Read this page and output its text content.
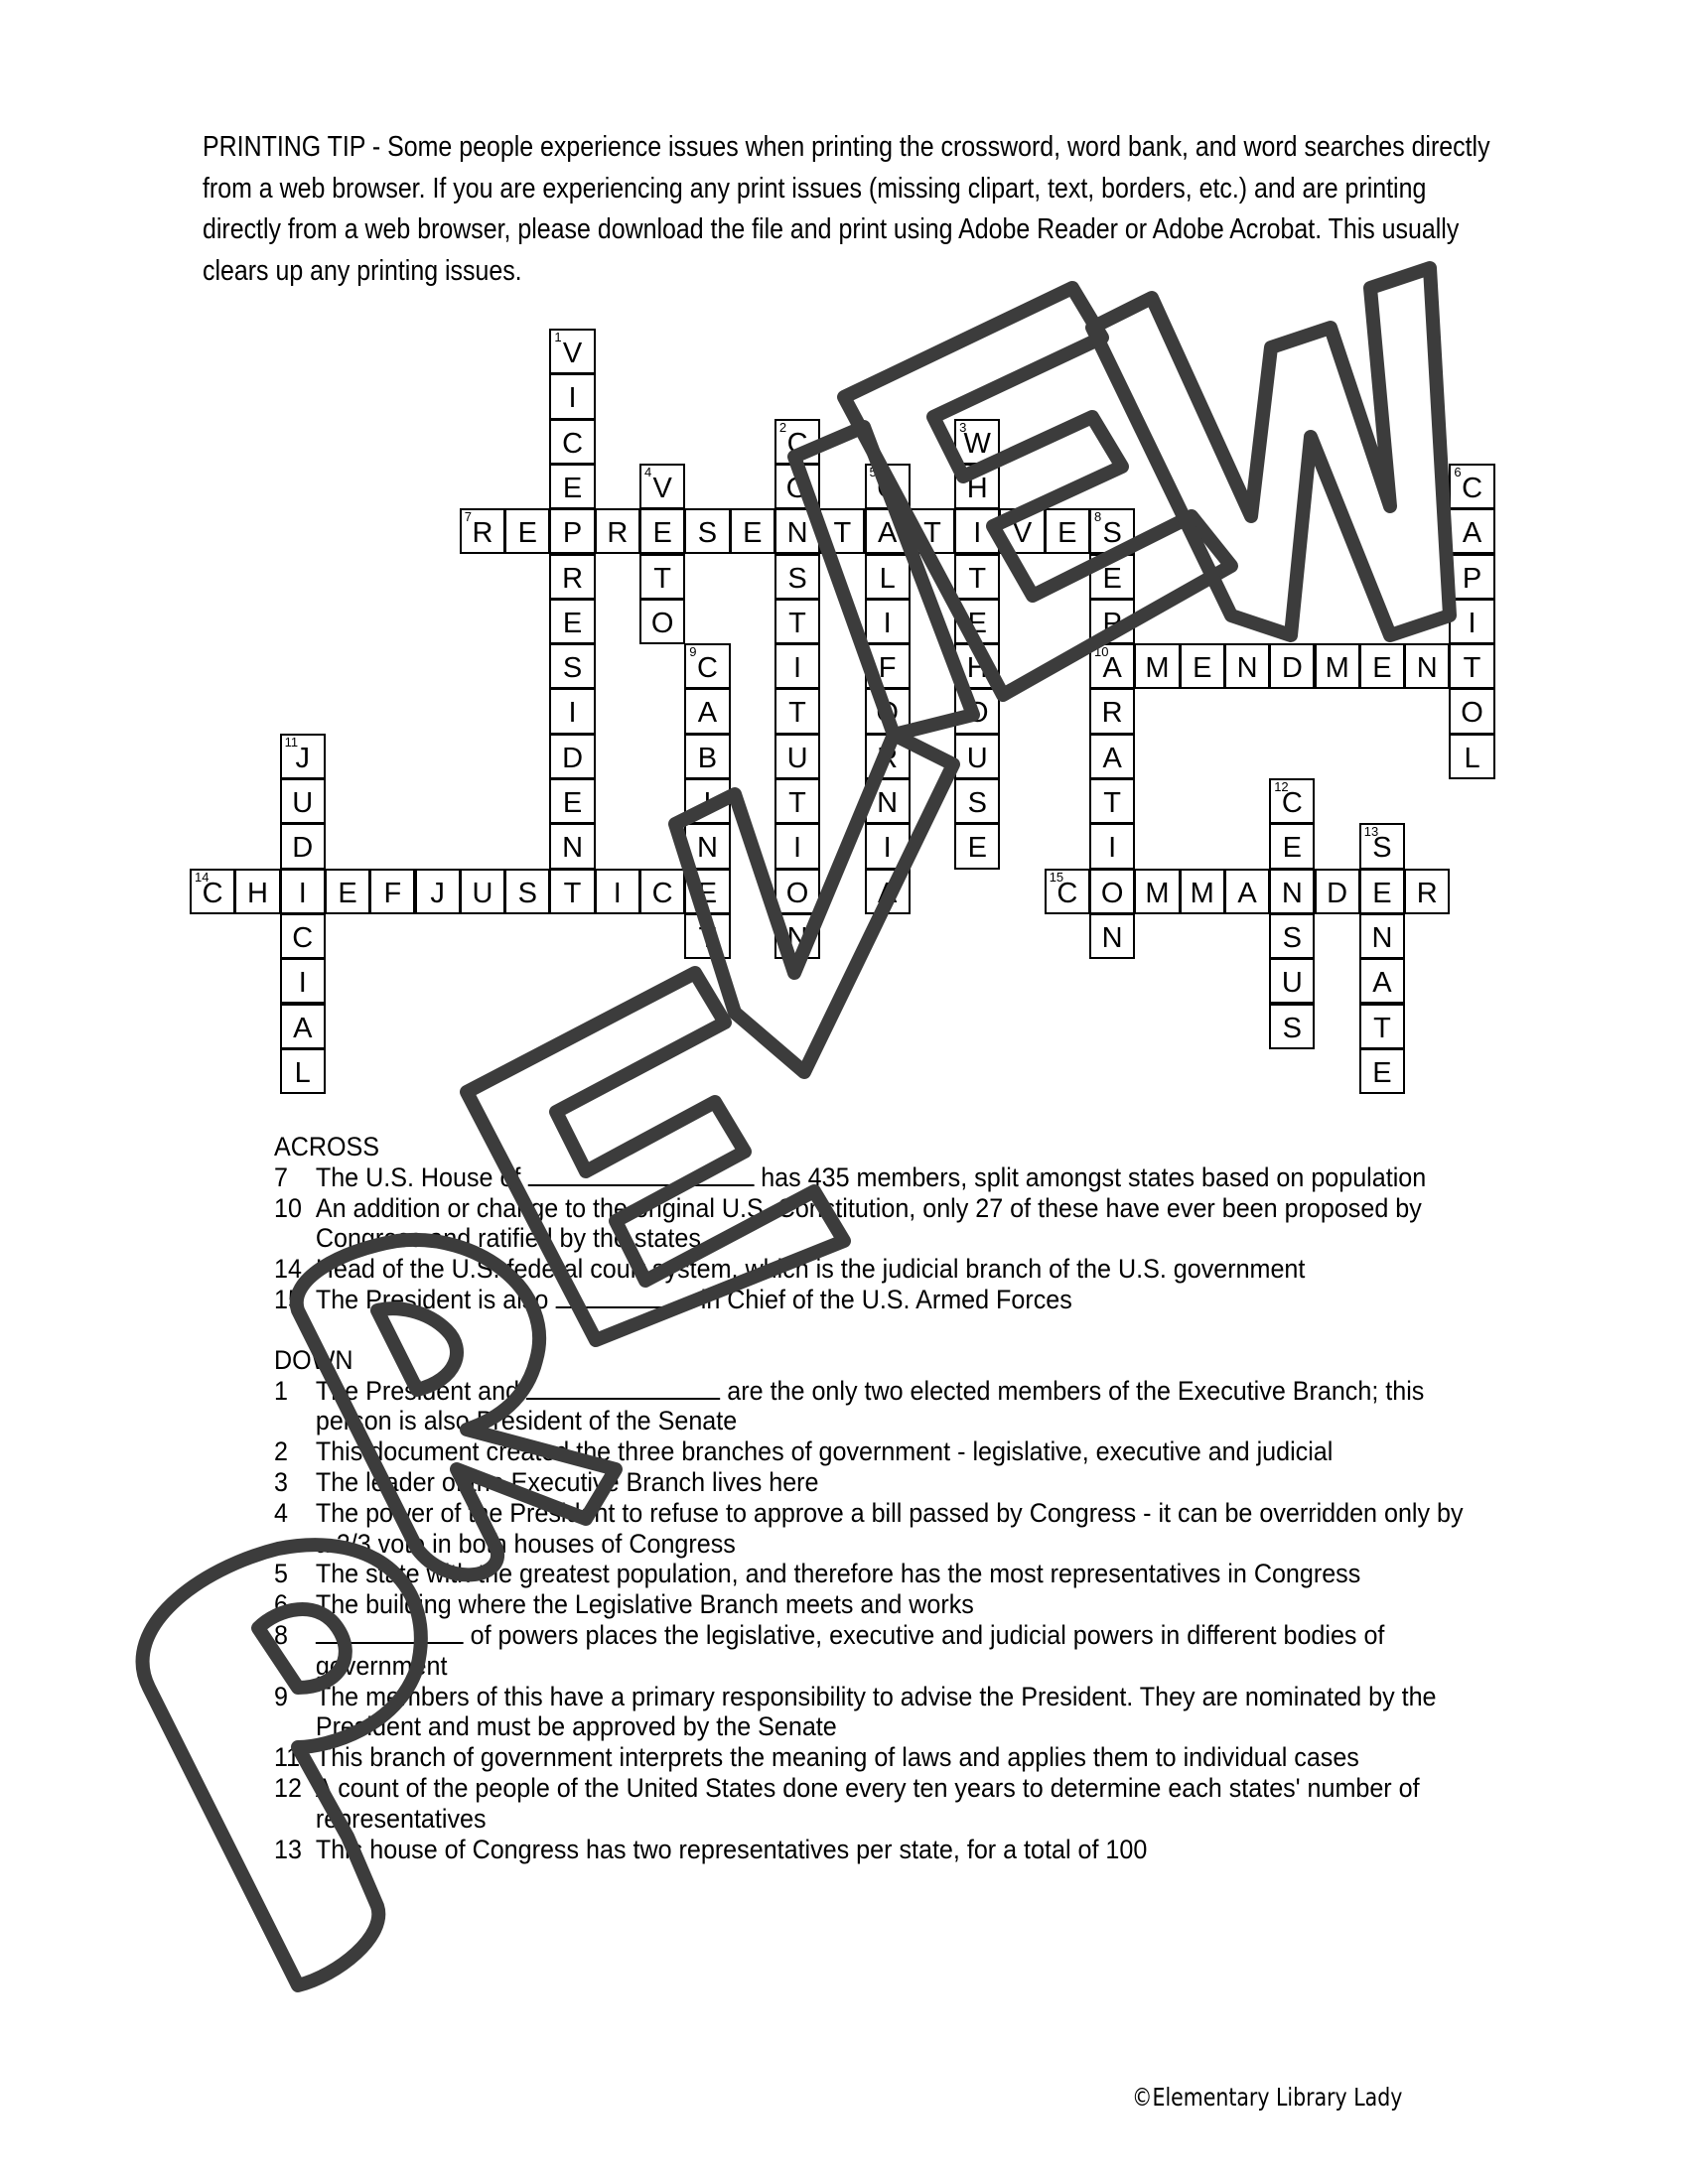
PRINTING TIP - Some people experience issues when printing the crossword, word bank, and word searches directly from a web browser. If you are experiencing any print issues (missing clipart, text, borders, etc.) and are printing directly from a web browser, please download the file and print using Adobe Reader or Adobe Acrobat. This usually clears up any printing issues.
1
V
I
C
E
P
R
E
S
I
D
E
N
T
2
C
O
N
S
T
I
T
U
T
I
O
N
3
W
H
I
T
E
H
O
U
S
E
4
V
E
T
O
5
C
A
L
I
F
O
R
N
I
A
6
C
A
P
I
T
O
L
7
R E	R	S E	T	T	V E
8
S
E
P
10
A
R
A
T
I
O
N
9
C
A
B
I
N
E
T
M E N D M E N
11
J
U
D
I
C
I
A
L
12
C
E
N
S
U
S
13
S
E
N
A
T
E
14
C H	E F	J U S	I	C
15
C	M M A	D	R
ACROSS
7 The U.S. House of	has 435 members, split amongst states based on population
10 An addition or change to the original U.S. Constitution, only 27 of these have ever been proposed by Congress and ratified by the states
14 Head of the U.S. federal court system, which is the judicial branch of the U.S. government
15 The President is also	in Chief of the U.S. Armed Forces
DOWN
1 The President and	are the only two elected members of the Executive Branch; this person is also President of the Senate
2 This document created the three branches of government - legislative, executive and judicial
3 The leader of the Executive Branch lives here
4 The power of the President to refuse to approve a bill passed by Congress - it can be overridden only by a 2/3 vote in both houses of Congress
5 The state with the greatest population, and therefore has the most representatives in Congress
6 The building where the Legislative Branch meets and works
8	of powers places the legislative, executive and judicial powers in different bodies of government
9 The members of this have a primary responsibility to advise the President. They are nominated by the President and must be approved by the Senate
11 This branch of government interprets the meaning of laws and applies them to individual cases
12 A count of the people of the United States done every ten years to determine each states' number of representatives
13 This house of Congress has two representatives per state, for a total of 100
©Elementary Library Lady
